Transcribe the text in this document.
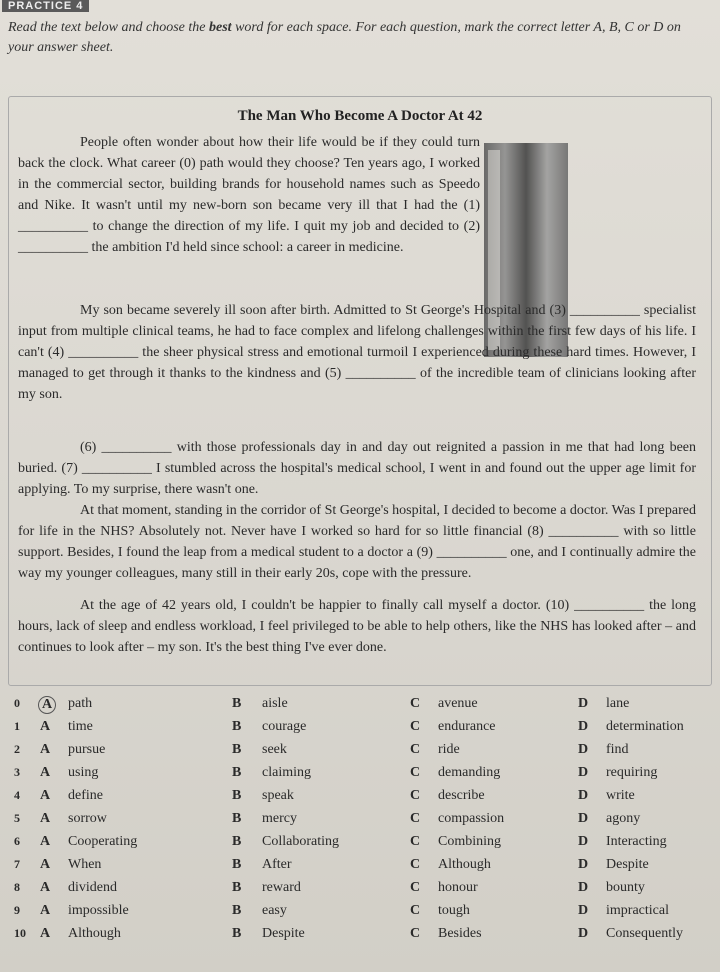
PRACTICE 4
Read the text below and choose the best word for each space. For each question, mark the correct letter A, B, C or D on your answer sheet.
The Man Who Become A Doctor At 42
People often wonder about how their life would be if they could turn back the clock. What career (0) path would they choose? Ten years ago, I worked in the commercial sector, building brands for household names such as Speedo and Nike. It wasn't until my new-born son became very ill that I had the (1) __________ to change the direction of my life. I quit my job and decided to (2) __________ the ambition I'd held since school: a career in medicine.
My son became severely ill soon after birth. Admitted to St George's Hospital and (3) __________ specialist input from multiple clinical teams, he had to face complex and lifelong challenges within the first few days of his life. I can't (4) __________ the sheer physical stress and emotional turmoil I experienced during these hard times. However, I managed to get through it thanks to the kindness and (5) __________ of the incredible team of clinicians looking after my son.
(6) __________ with those professionals day in and day out reignited a passion in me that had long been buried. (7) __________ I stumbled across the hospital's medical school, I went in and found out the upper age limit for applying. To my surprise, there wasn't one.
At that moment, standing in the corridor of St George's hospital, I decided to become a doctor. Was I prepared for life in the NHS? Absolutely not. Never have I worked so hard for so little financial (8) __________ with so little support. Besides, I found the leap from a medical student to a doctor a (9) __________ one, and I continually admire the way my younger colleagues, many still in their early 20s, cope with the pressure.
At the age of 42 years old, I couldn't be happier to finally call myself a doctor. (10) __________ the long hours, lack of sleep and endless workload, I feel privileged to be able to help others, like the NHS has looked after – and continues to look after – my son. It's the best thing I've ever done.
0 A path	B aisle	C avenue	D lane
1 A time	B courage	C endurance	D determination
2 A pursue	B seek	C ride	D find
3 A using	B claiming	C demanding	D requiring
4 A define	B speak	C describe	D write
5 A sorrow	B mercy	C compassion	D agony
6 A Cooperating	B Collaborating	C Combining	D Interacting
7 A When	B After	C Although	D Despite
8 A dividend	B reward	C honour	D bounty
9 A impossible	B easy	C tough	D impractical
10 A Although	B Despite	C Besides	D Consequently
